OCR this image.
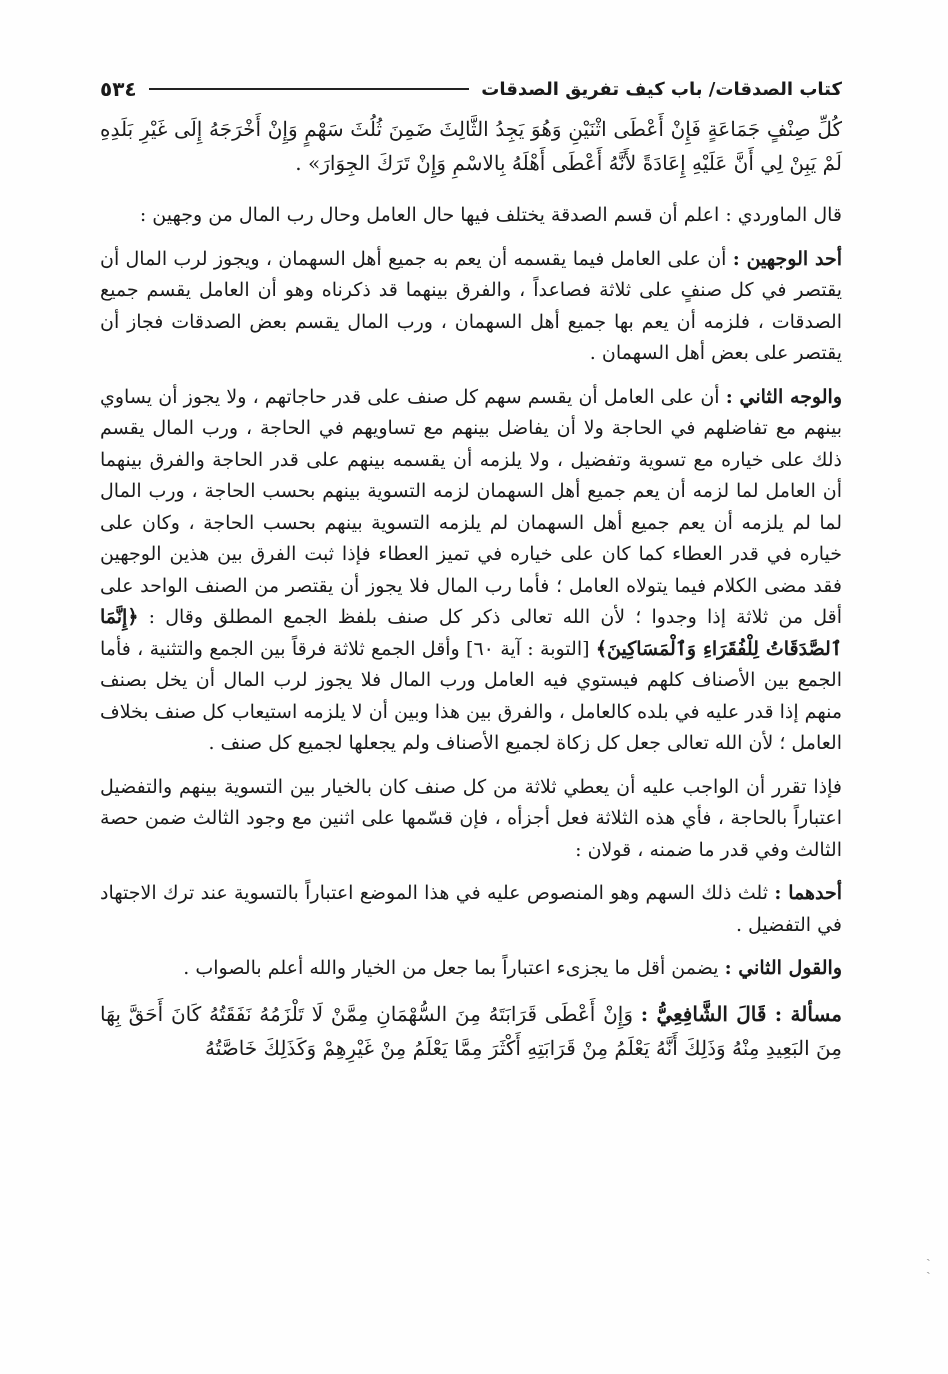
كتاب الصدقات/ باب كيف تفريق الصدقات
٥٣٤

كُلِّ صِنْفٍ جَمَاعَةٍ فَإِنْ أَعْطَى اثْنَيْنِ وَهُوَ يَجِدُ الثَّالِثَ ضَمِنَ ثُلُثَ سَهْمٍ وَإِنْ أَخْرَجَهُ إِلَى غَيْرِ بَلَدِهِ لَمْ يَبِنْ لِي أَنَّ عَلَيْهِ إِعَادَةً لأَنَّهُ أَعْطَى أَهْلَهُ بِالاسْمِ وَإِنْ تَرَكَ الجِوَارَ» .

قال الماوردي : اعلم أن قسم الصدقة يختلف فيها حال العامل وحال رب المال من وجهين :

أحد الوجهين : أن على العامل فيما يقسمه أن يعم به جميع أهل السهمان ، ويجوز لرب المال أن يقتصر في كل صنفٍ على ثلاثة فصاعداً ، والفرق بينهما قد ذكرناه وهو أن العامل يقسم جميع الصدقات ، فلزمه أن يعم بها جميع أهل السهمان ، ورب المال يقسم بعض الصدقات فجاز أن يقتصر على بعض أهل السهمان .

والوجه الثاني : أن على العامل أن يقسم سهم كل صنف على قدر حاجاتهم ، ولا يجوز أن يساوي بينهم مع تفاضلهم في الحاجة ولا أن يفاضل بينهم مع تساويهم في الحاجة ، ورب المال يقسم ذلك على خياره مع تسوية وتفضيل ، ولا يلزمه أن يقسمه بينهم على قدر الحاجة والفرق بينهما أن العامل لما لزمه أن يعم جميع أهل السهمان لزمه التسوية بينهم بحسب الحاجة ، ورب المال لما لم يلزمه أن يعم جميع أهل السهمان لم يلزمه التسوية بينهم بحسب الحاجة ، وكان على خياره في قدر العطاء كما كان على خياره في تميز العطاء فإذا ثبت الفرق بين هذين الوجهين فقد مضى الكلام فيما يتولاه العامل ؛ فأما رب المال فلا يجوز أن يقتصر من الصنف الواحد على أقل من ثلاثة إذا وجدوا ؛ لأن الله تعالى ذكر كل صنف بلفظ الجمع المطلق وقال : ﴿إِنَّمَا ٱلصَّدَقَاتُ لِلْفُقَرَاءِ وَٱلْمَسَاكِينَ﴾ [التوبة : آية ٦٠] وأقل الجمع ثلاثة فرقاً بين الجمع والتثنية ، فأما الجمع بين الأصناف كلهم فيستوي فيه العامل ورب المال فلا يجوز لرب المال أن يخل بصنف منهم إذا قدر عليه في بلده كالعامل ، والفرق بين هذا وبين أن لا يلزمه استيعاب كل صنف بخلاف العامل ؛ لأن الله تعالى جعل كل زكاة لجميع الأصناف ولم يجعلها لجميع كل صنف .

فإذا تقرر أن الواجب عليه أن يعطي ثلاثة من كل صنف كان بالخيار بين التسوية بينهم والتفضيل اعتباراً بالحاجة ، فأي هذه الثلاثة فعل أجزأه ، فإن قسّمها على اثنين مع وجود الثالث ضمن حصة الثالث وفي قدر ما ضمنه ، قولان :

أحدهما : ثلث ذلك السهم وهو المنصوص عليه في هذا الموضع اعتباراً بالتسوية عند ترك الاجتهاد في التفضيل .

والقول الثاني : يضمن أقل ما يجزىء اعتباراً بما جعل من الخيار والله أعلم بالصواب .

مسألة : قَالَ الشَّافِعِيُّ : وَإِنْ أَعْطَى قَرَابَتَهُ مِنَ السُّهْمَانِ مِمَّنْ لَا تَلْزَمُهُ نَفَقَتُهُ كَانَ أَحَقَّ بِهَا مِنَ البَعِيدِ مِنْهُ وَذَلِكَ أَنَّهُ يَعْلَمُ مِنْ قَرَابَتِهِ أَكْثَرَ مِمَّا يَعْلَمُ مِنْ غَيْرِهِمْ وَكَذَلِكَ خَاصَّتُهُ

ˏ
ˎ
